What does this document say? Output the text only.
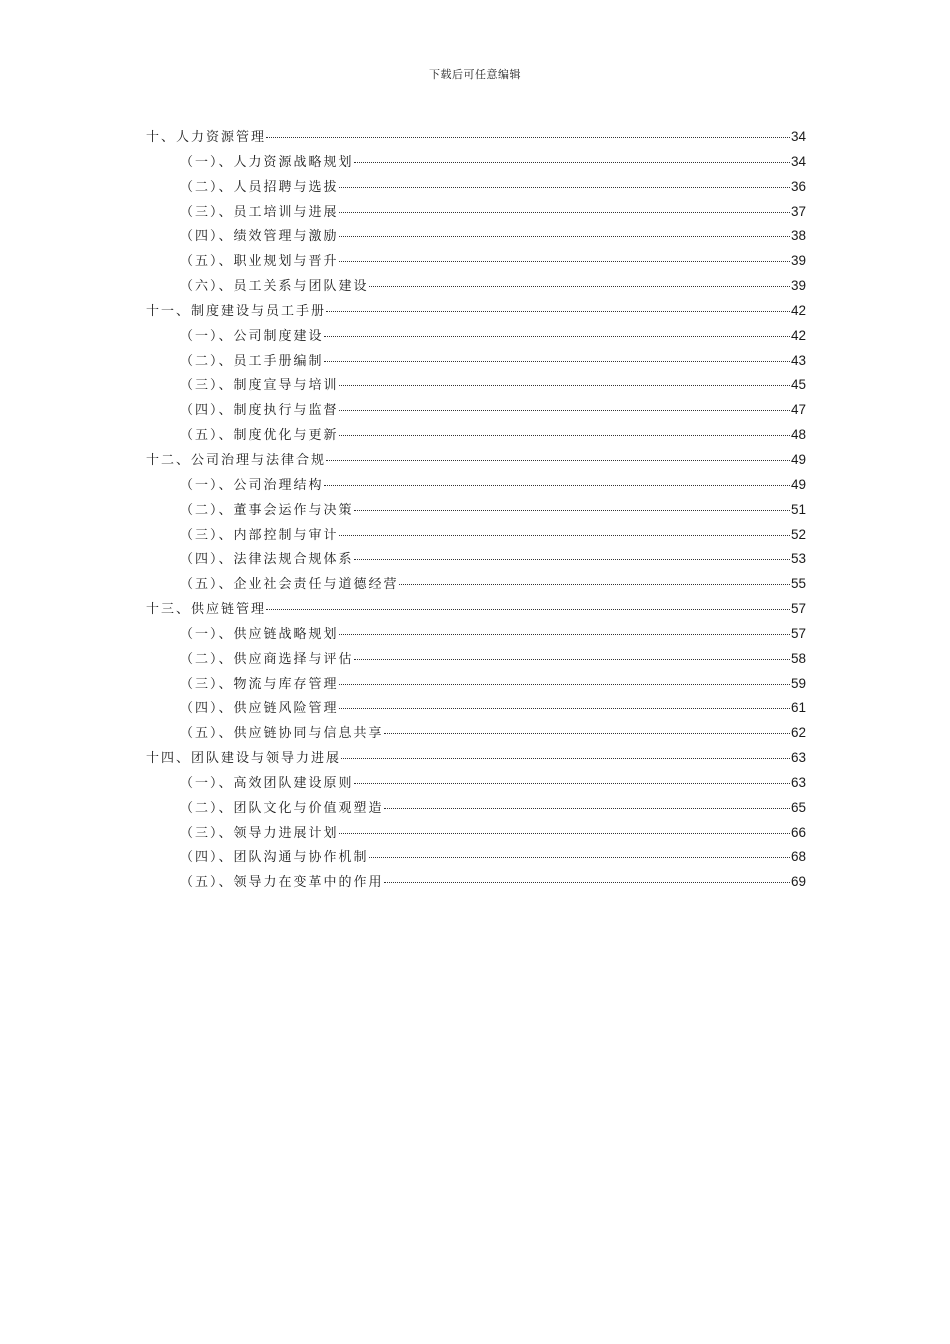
下载后可任意编辑
十、人力资源管理	34
（一）、人力资源战略规划	34
（二）、人员招聘与选拔	36
（三）、员工培训与进展	37
（四）、绩效管理与激励	38
（五）、职业规划与晋升	39
（六）、员工关系与团队建设	39
十一、制度建设与员工手册	42
（一）、公司制度建设	42
（二）、员工手册编制	43
（三）、制度宣导与培训	45
（四）、制度执行与监督	47
（五）、制度优化与更新	48
十二、公司治理与法律合规	49
（一）、公司治理结构	49
（二）、董事会运作与决策	51
（三）、内部控制与审计	52
（四）、法律法规合规体系	53
（五）、企业社会责任与道德经营	55
十三、供应链管理	57
（一）、供应链战略规划	57
（二）、供应商选择与评估	58
（三）、物流与库存管理	59
（四）、供应链风险管理	61
（五）、供应链协同与信息共享	62
十四、团队建设与领导力进展	63
（一）、高效团队建设原则	63
（二）、团队文化与价值观塑造	65
（三）、领导力进展计划	66
（四）、团队沟通与协作机制	68
（五）、领导力在变革中的作用	69
